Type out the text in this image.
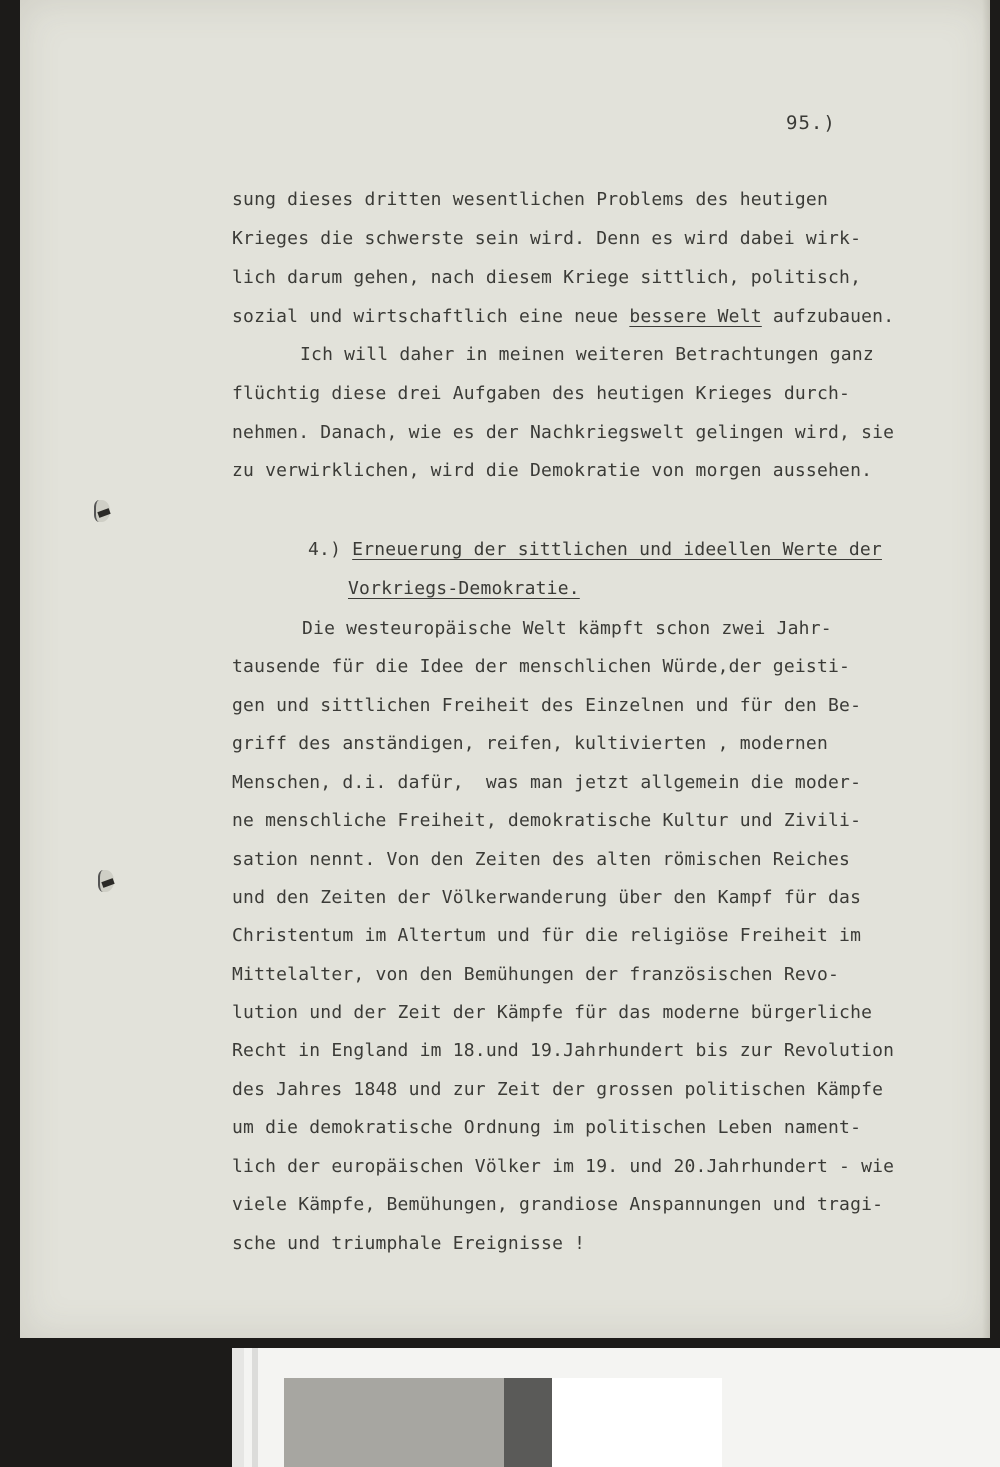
95.)
sung dieses dritten wesentlichen Problems des heutigen
Krieges die schwerste sein wird. Denn es wird dabei wirk-
lich darum gehen, nach diesem Kriege sittlich, politisch,
sozial und wirtschaftlich eine neue bessere Welt aufzubauen.
Ich will daher in meinen weiteren Betrachtungen ganz
flüchtig diese drei Aufgaben des heutigen Krieges durch-
nehmen. Danach, wie es der Nachkriegswelt gelingen wird, sie
zu verwirklichen, wird die Demokratie von morgen aussehen.
4.) Erneuerung der sittlichen und ideellen Werte der
Vorkriegs-Demokratie.
Die westeuropäische Welt kämpft schon zwei Jahr-
tausende für die Idee der menschlichen Würde,der geisti-
gen und sittlichen Freiheit des Einzelnen und für den Be-
griff des anständigen, reifen, kultivierten , modernen
Menschen, d.i. dafür,  was man jetzt allgemein die moder-
ne menschliche Freiheit, demokratische Kultur und Zivili-
sation nennt. Von den Zeiten des alten römischen Reiches
und den Zeiten der Völkerwanderung über den Kampf für das
Christentum im Altertum und für die religiöse Freiheit im
Mittelalter, von den Bemühungen der französischen Revo-
lution und der Zeit der Kämpfe für das moderne bürgerliche
Recht in England im 18.und 19.Jahrhundert bis zur Revolution
des Jahres 1848 und zur Zeit der grossen politischen Kämpfe
um die demokratische Ordnung im politischen Leben nament-
lich der europäischen Völker im 19. und 20.Jahrhundert - wie
viele Kämpfe, Bemühungen, grandiose Anspannungen und tragi-
sche und triumphale Ereignisse !
